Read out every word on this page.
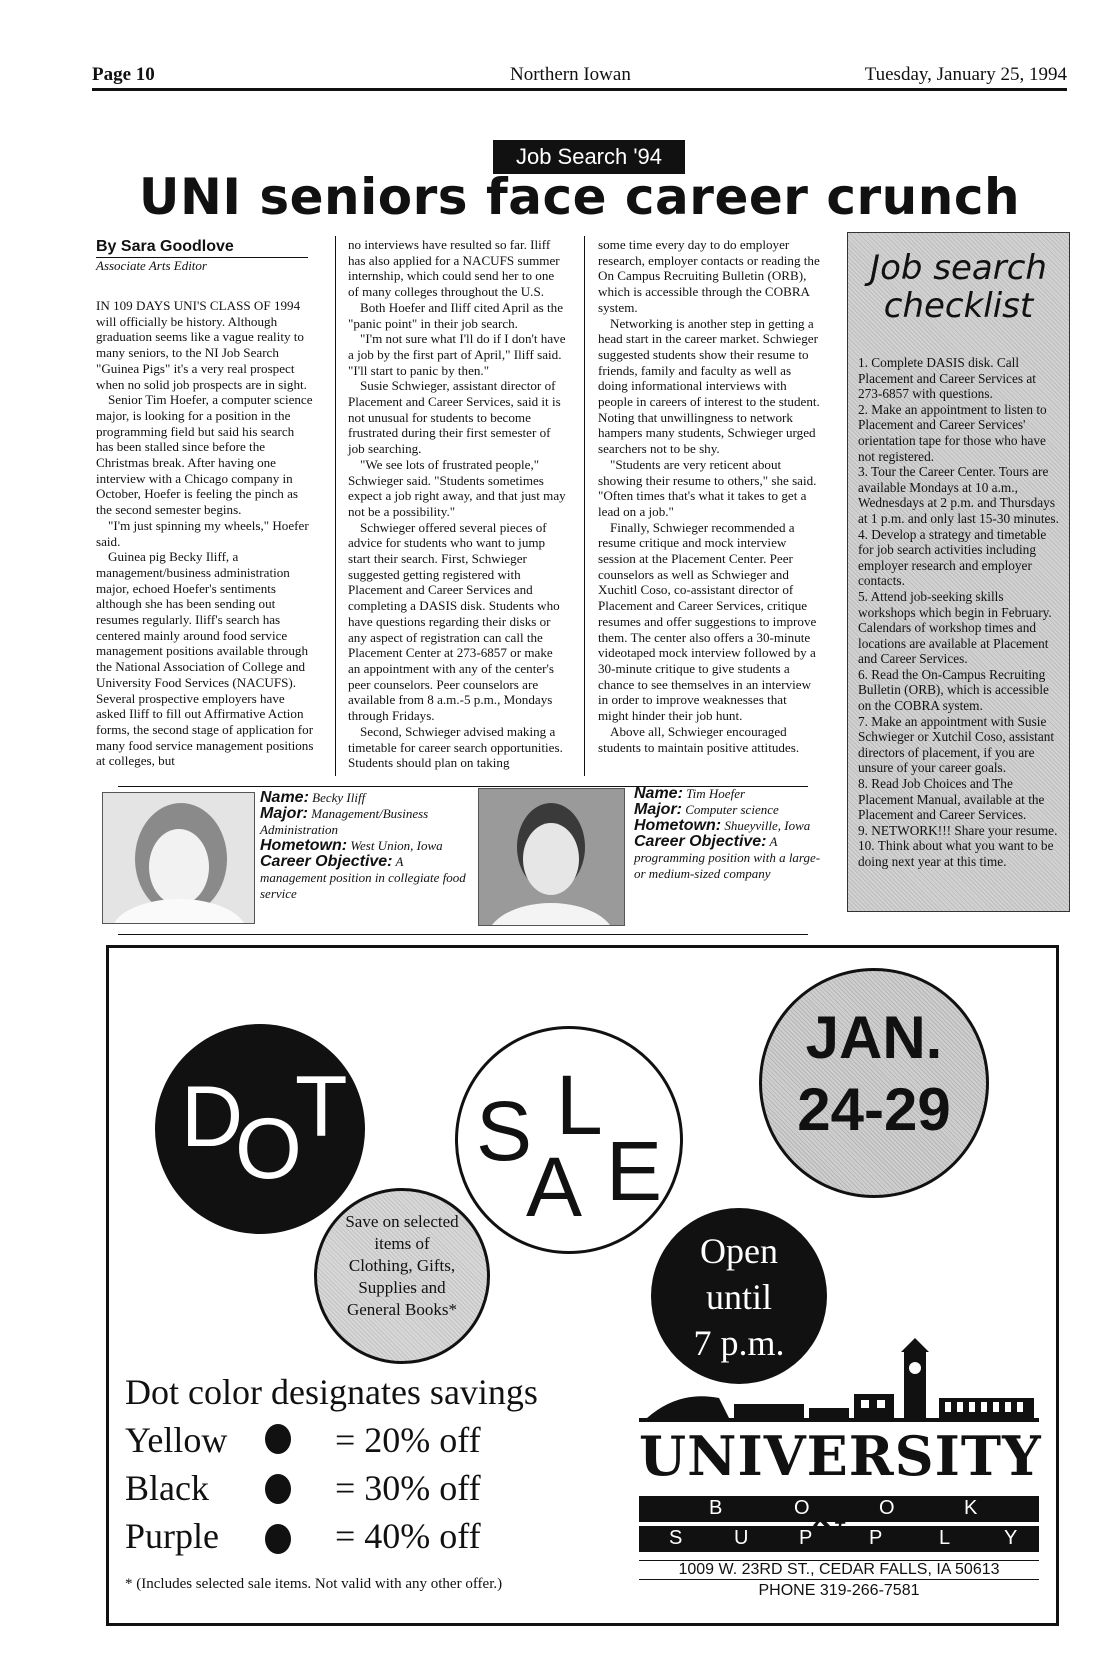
Page 10	Northern Iowan	Tuesday, January 25, 1994
Job Search '94
UNI seniors face career crunch
By Sara Goodlove
Associate Arts Editor

IN 109 DAYS UNI'S CLASS OF 1994 will officially be history. Although graduation seems like a vague reality to many seniors, to the NI Job Search "Guinea Pigs" it's a very real prospect when no solid job prospects are in sight.

Senior Tim Hoefer, a computer science major, is looking for a position in the programming field but said his search has been stalled since before the Christmas break. After having one interview with a Chicago company in October, Hoefer is feeling the pinch as the second semester begins.

"I'm just spinning my wheels," Hoefer said.

Guinea pig Becky Iliff, a management/business administration major, echoed Hoefer's sentiments although she has been sending out resumes regularly. Iliff's search has centered mainly around food service management positions available through the National Association of College and University Food Services (NACUFS). Several prospective employers have asked Iliff to fill out Affirmative Action forms, the second stage of application for many food service management positions at colleges, but

no interviews have resulted so far. Iliff has also applied for a NACUFS summer internship, which could send her to one of many colleges throughout the U.S.

Both Hoefer and Iliff cited April as the "panic point" in their job search.

"I'm not sure what I'll do if I don't have a job by the first part of April," Iliff said. "I'll start to panic by then."

Susie Schwieger, assistant director of Placement and Career Services, said it is not unusual for students to become frustrated during their first semester of job searching.

"We see lots of frustrated people," Schwieger said. "Students sometimes expect a job right away, and that just may not be a possibility."

Schwieger offered several pieces of advice for students who want to jump start their search. First, Schwieger suggested getting registered with Placement and Career Services and completing a DASIS disk. Students who have questions regarding their disks or any aspect of registration can call the Placement Center at 273-6857 or make an appointment with any of the center's peer counselors. Peer counselors are available from 8 a.m.-5 p.m., Mondays through Fridays.

Second, Schwieger advised making a timetable for career search opportunities. Students should plan on taking

some time every day to do employer research, employer contacts or reading the On Campus Recruiting Bulletin (ORB), which is accessible through the COBRA system.

Networking is another step in getting a head start in the career market. Schwieger suggested students show their resume to friends, family and faculty as well as doing informational interviews with people in careers of interest to the student. Noting that unwillingness to network hampers many students, Schwieger urged searchers not to be shy.

"Students are very reticent about showing their resume to others," she said. "Often times that's what it takes to get a lead on a job."

Finally, Schwieger recommended a resume critique and mock interview session at the Placement Center. Peer counselors as well as Schwieger and Xuchitl Coso, co-assistant director of Placement and Career Services, critique resumes and offer suggestions to improve them. The center also offers a 30-minute videotaped mock interview followed by a 30-minute critique to give students a chance to see themselves in an interview in order to improve weaknesses that might hinder their job hunt.

Above all, Schwieger encouraged students to maintain positive attitudes.

Job search checklist
1. Complete DASIS disk. Call Placement and Career Services at 273-6857 with questions.
2. Make an appointment to listen to Placement and Career Services' orientation tape for those who have not registered.
3. Tour the Career Center. Tours are available Mondays at 10 a.m., Wednesdays at 2 p.m. and Thursdays at 1 p.m. and only last 15-30 minutes.
4. Develop a strategy and timetable for job search activities including employer research and employer contacts.
5. Attend job-seeking skills workshops which begin in February. Calendars of workshop times and locations are available at Placement and Career Services.
6. Read the On-Campus Recruiting Bulletin (ORB), which is accessible on the COBRA system.
7. Make an appointment with Susie Schwieger or Xutchil Coso, assistant directors of placement, if you are unsure of your career goals.
8. Read Job Choices and The Placement Manual, available at the Placement and Career Services.
9. NETWORK!!! Share your resume.
10. Think about what you want to be doing next year at this time.
Name: Becky Iliff
Major: Management/Business Administration
Hometown: West Union, Iowa
Career Objective: A management position in collegiate food service
Name: Tim Hoefer
Major: Computer science
Hometown: Shueyville, Iowa
Career Objective: A programming position with a large- or medium-sized company
D
O
T S
A
L
E
JAN.
24-29
Save on selected
items of
Clothing, Gifts,
Supplies and
General Books*
Open
until
7 p.m.
Dot color designates savings
Yellow	= 20% off
Black	= 30% off
Purple	= 40% off
* (Includes selected sale items. Not valid with any other offer.)
UNIVERSITY
B	O	O	K
&
S	U	P	P	L	Y
1009 W. 23RD ST., CEDAR FALLS, IA 50613
PHONE 319-266-7581
